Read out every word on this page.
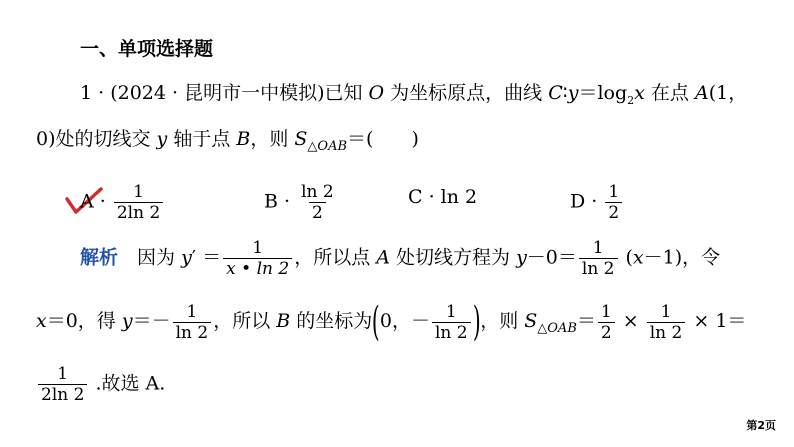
一、单项选择题
1 · (2024 · 昆明市一中模拟)已知 O 为坐标原点，曲线 $C∶y=\log_2x$ 在点 A(1，
0)处的切线交 y 轴于点 B，则 $S_{\triangle OAB}=$(　　)
$A \cdot \frac{1}{2\ln 2}$	$B \cdot \frac{\ln 2}{2}$	C · ln 2	$D \cdot \frac{1}{2}$
解析　因为 $y' = \frac{1}{x • \ln 2}$ ，所以点 A 处切线方程为 $y-0= \frac{1}{\ln 2} (x-1)$，令
x＝0，得 $y=- \frac{1}{\ln 2}$ ，所以 B 的坐标为(0，－ $\frac{1}{\ln 2}$ )，则 $S_{\triangle OAB}= \frac{1}{2} \times \frac{1}{\ln 2} \times 1=$
$\frac{1}{2\ln 2}$ .故选 A.
第2页
